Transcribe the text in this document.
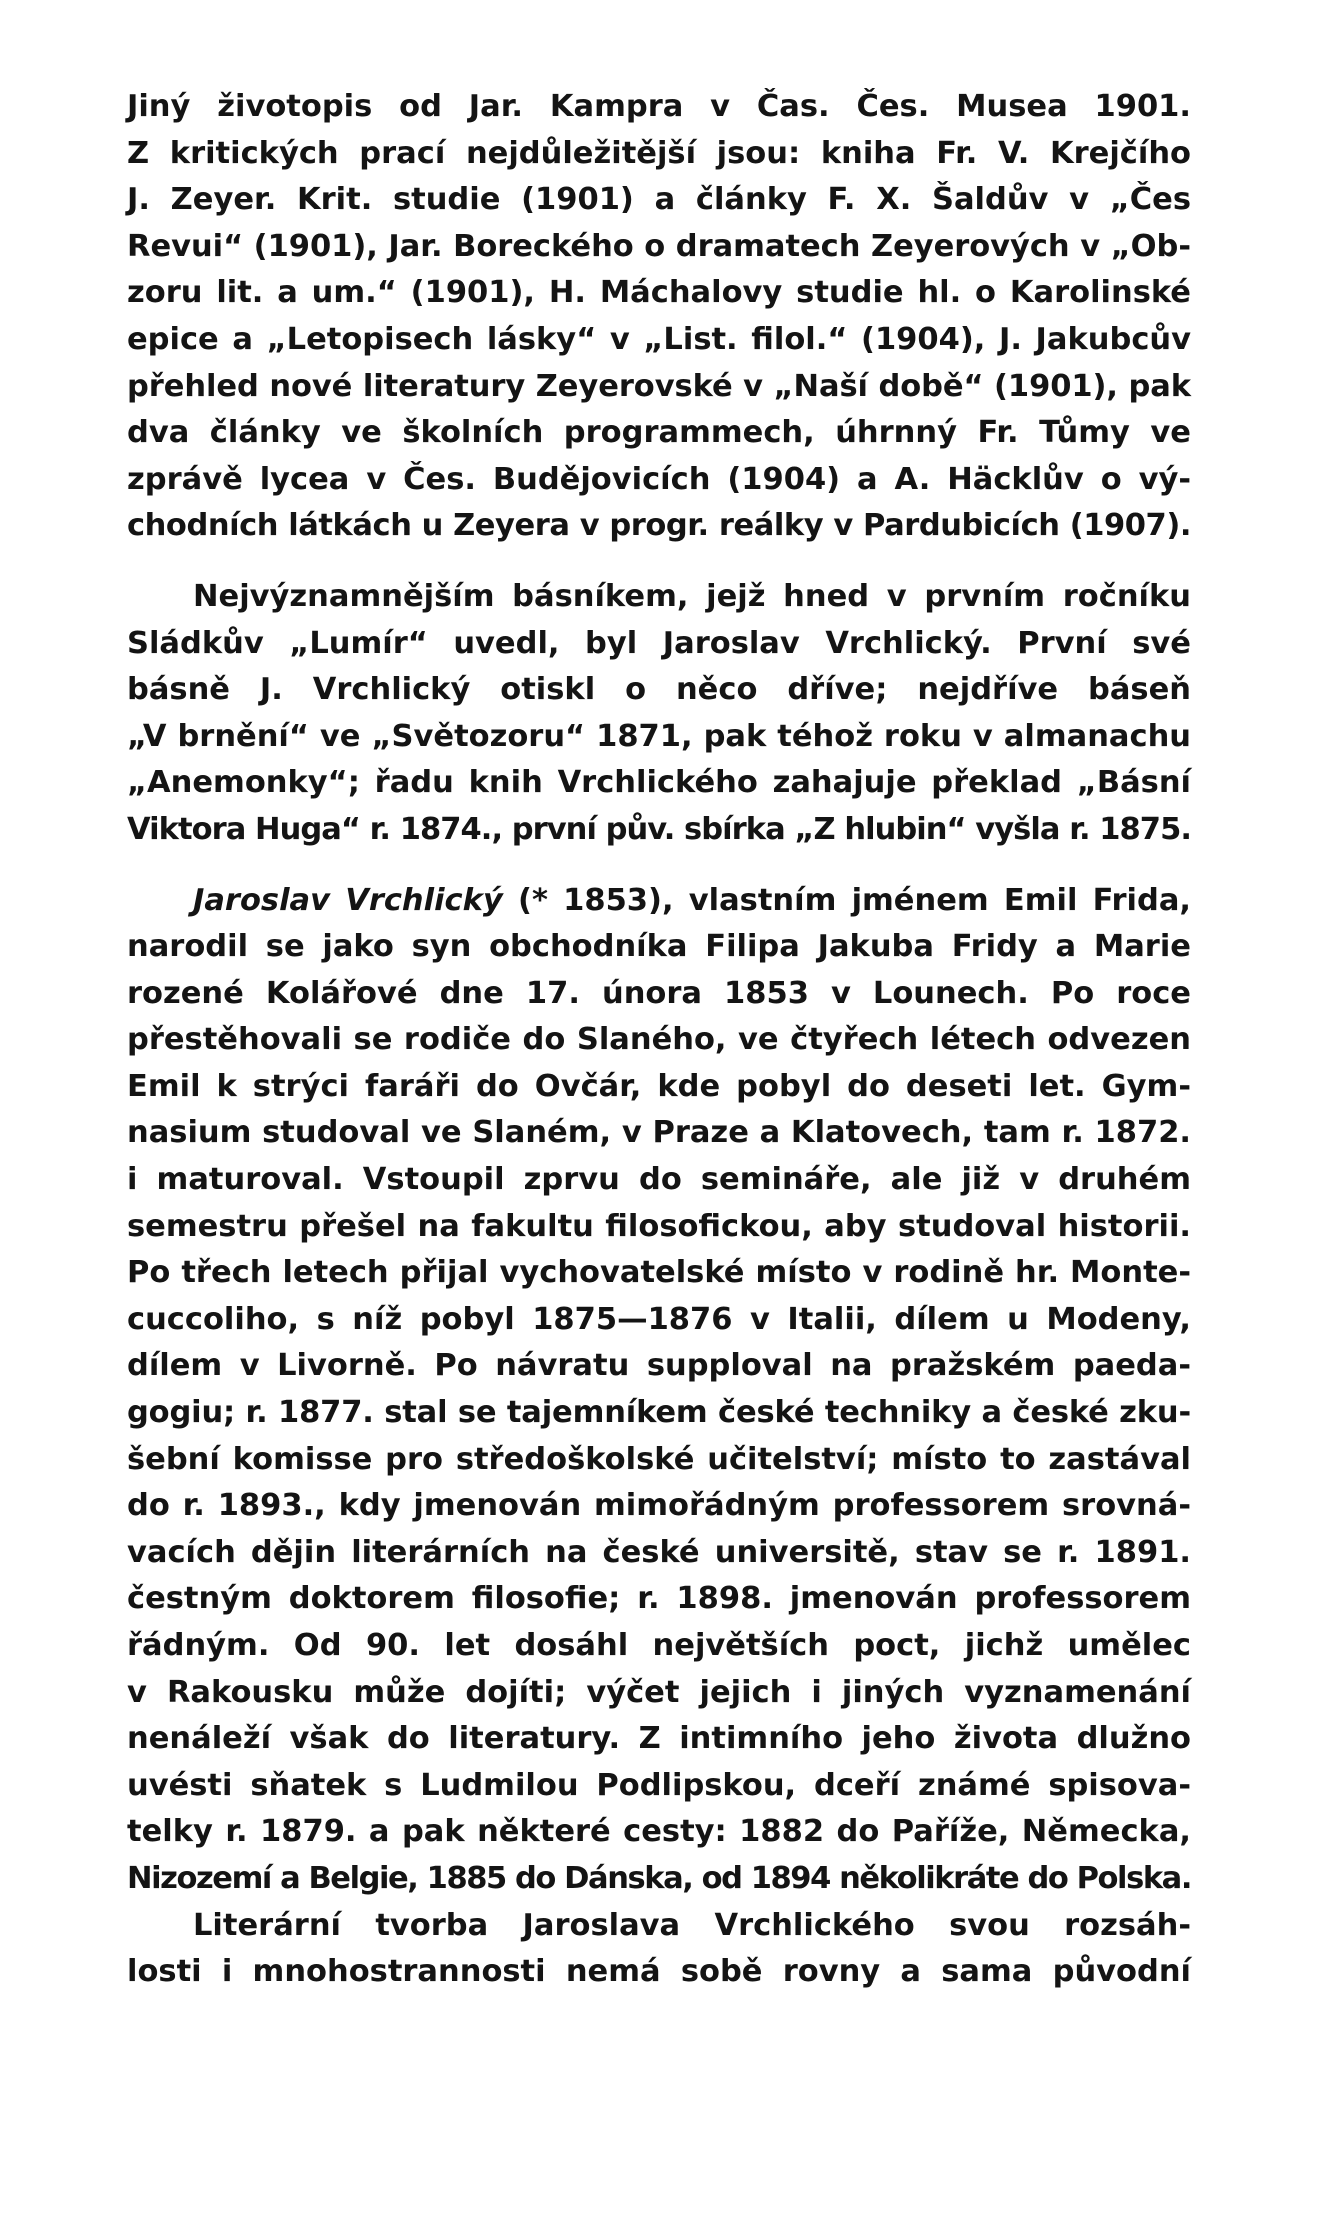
Jiný životopis od Jar. Kampra v Čas. Čes. Musea 1901.
Z kritických prací nejdůležitější jsou: kniha Fr. V. Krejčího
J. Zeyer. Krit. studie (1901) a články F. X. Šaldův v „Čes
Revui“ (1901), Jar. Boreckého o dramatech Zeyerových v „Ob-
zoru lit. a um.“ (1901), H. Máchalovy studie hl. o Karolinské
epice a „Letopisech lásky“ v „List. filol.“ (1904), J. Jakubcův
přehled nové literatury Zeyerovské v „Naší době“ (1901), pak
dva články ve školních programmech, úhrnný Fr. Tůmy ve
zprávě lycea v Čes. Budějovicích (1904) a A. Häcklův o vý-
chodních látkách u Zeyera v progr. reálky v Pardubicích (1907).
Nejvýznamnějším básníkem, jejž hned v prvním ročníku
Sládkův „Lumír“ uvedl, byl Jaroslav Vrchlický. První své
básně J. Vrchlický otiskl o něco dříve; nejdříve báseň
„V brnění“ ve „Světozoru“ 1871, pak téhož roku v almanachu
„Anemonky“; řadu knih Vrchlického zahajuje překlad „Básní
Viktora Huga“ r. 1874., první pův. sbírka „Z hlubin“ vyšla r. 1875.
Jaroslav Vrchlický (* 1853), vlastním jménem Emil Frida,
narodil se jako syn obchodníka Filipa Jakuba Fridy a Marie
rozené Kolářové dne 17. února 1853 v Lounech. Po roce
přestěhovali se rodiče do Slaného, ve čtyřech létech odvezen
Emil k strýci faráři do Ovčár, kde pobyl do deseti let. Gym-
nasium studoval ve Slaném, v Praze a Klatovech, tam r. 1872.
i maturoval. Vstoupil zprvu do semináře, ale již v druhém
semestru přešel na fakultu filosofickou, aby studoval historii.
Po třech letech přijal vychovatelské místo v rodině hr. Monte-
cuccoliho, s níž pobyl 1875—1876 v Italii, dílem u Modeny,
dílem v Livorně. Po návratu supploval na pražském paeda-
gogiu; r. 1877. stal se tajemníkem české techniky a české zku-
šební komisse pro středoškolské učitelství; místo to zastával
do r. 1893., kdy jmenován mimořádným professorem srovná-
vacích dějin literárních na české universitě, stav se r. 1891.
čestným doktorem filosofie; r. 1898. jmenován professorem
řádným. Od 90. let dosáhl největších poct, jichž umělec
v Rakousku může dojíti; výčet jejich i jiných vyznamenání
nenáleží však do literatury. Z intimního jeho života dlužno
uvésti sňatek s Ludmilou Podlipskou, dceří známé spisova-
telky r. 1879. a pak některé cesty: 1882 do Paříže, Německa,
Nizozemí a Belgie, 1885 do Dánska, od 1894 několikráte do Polska.
Literární tvorba Jaroslava Vrchlického svou rozsáh-
losti i mnohostrannosti nemá sobě rovny a sama původní
